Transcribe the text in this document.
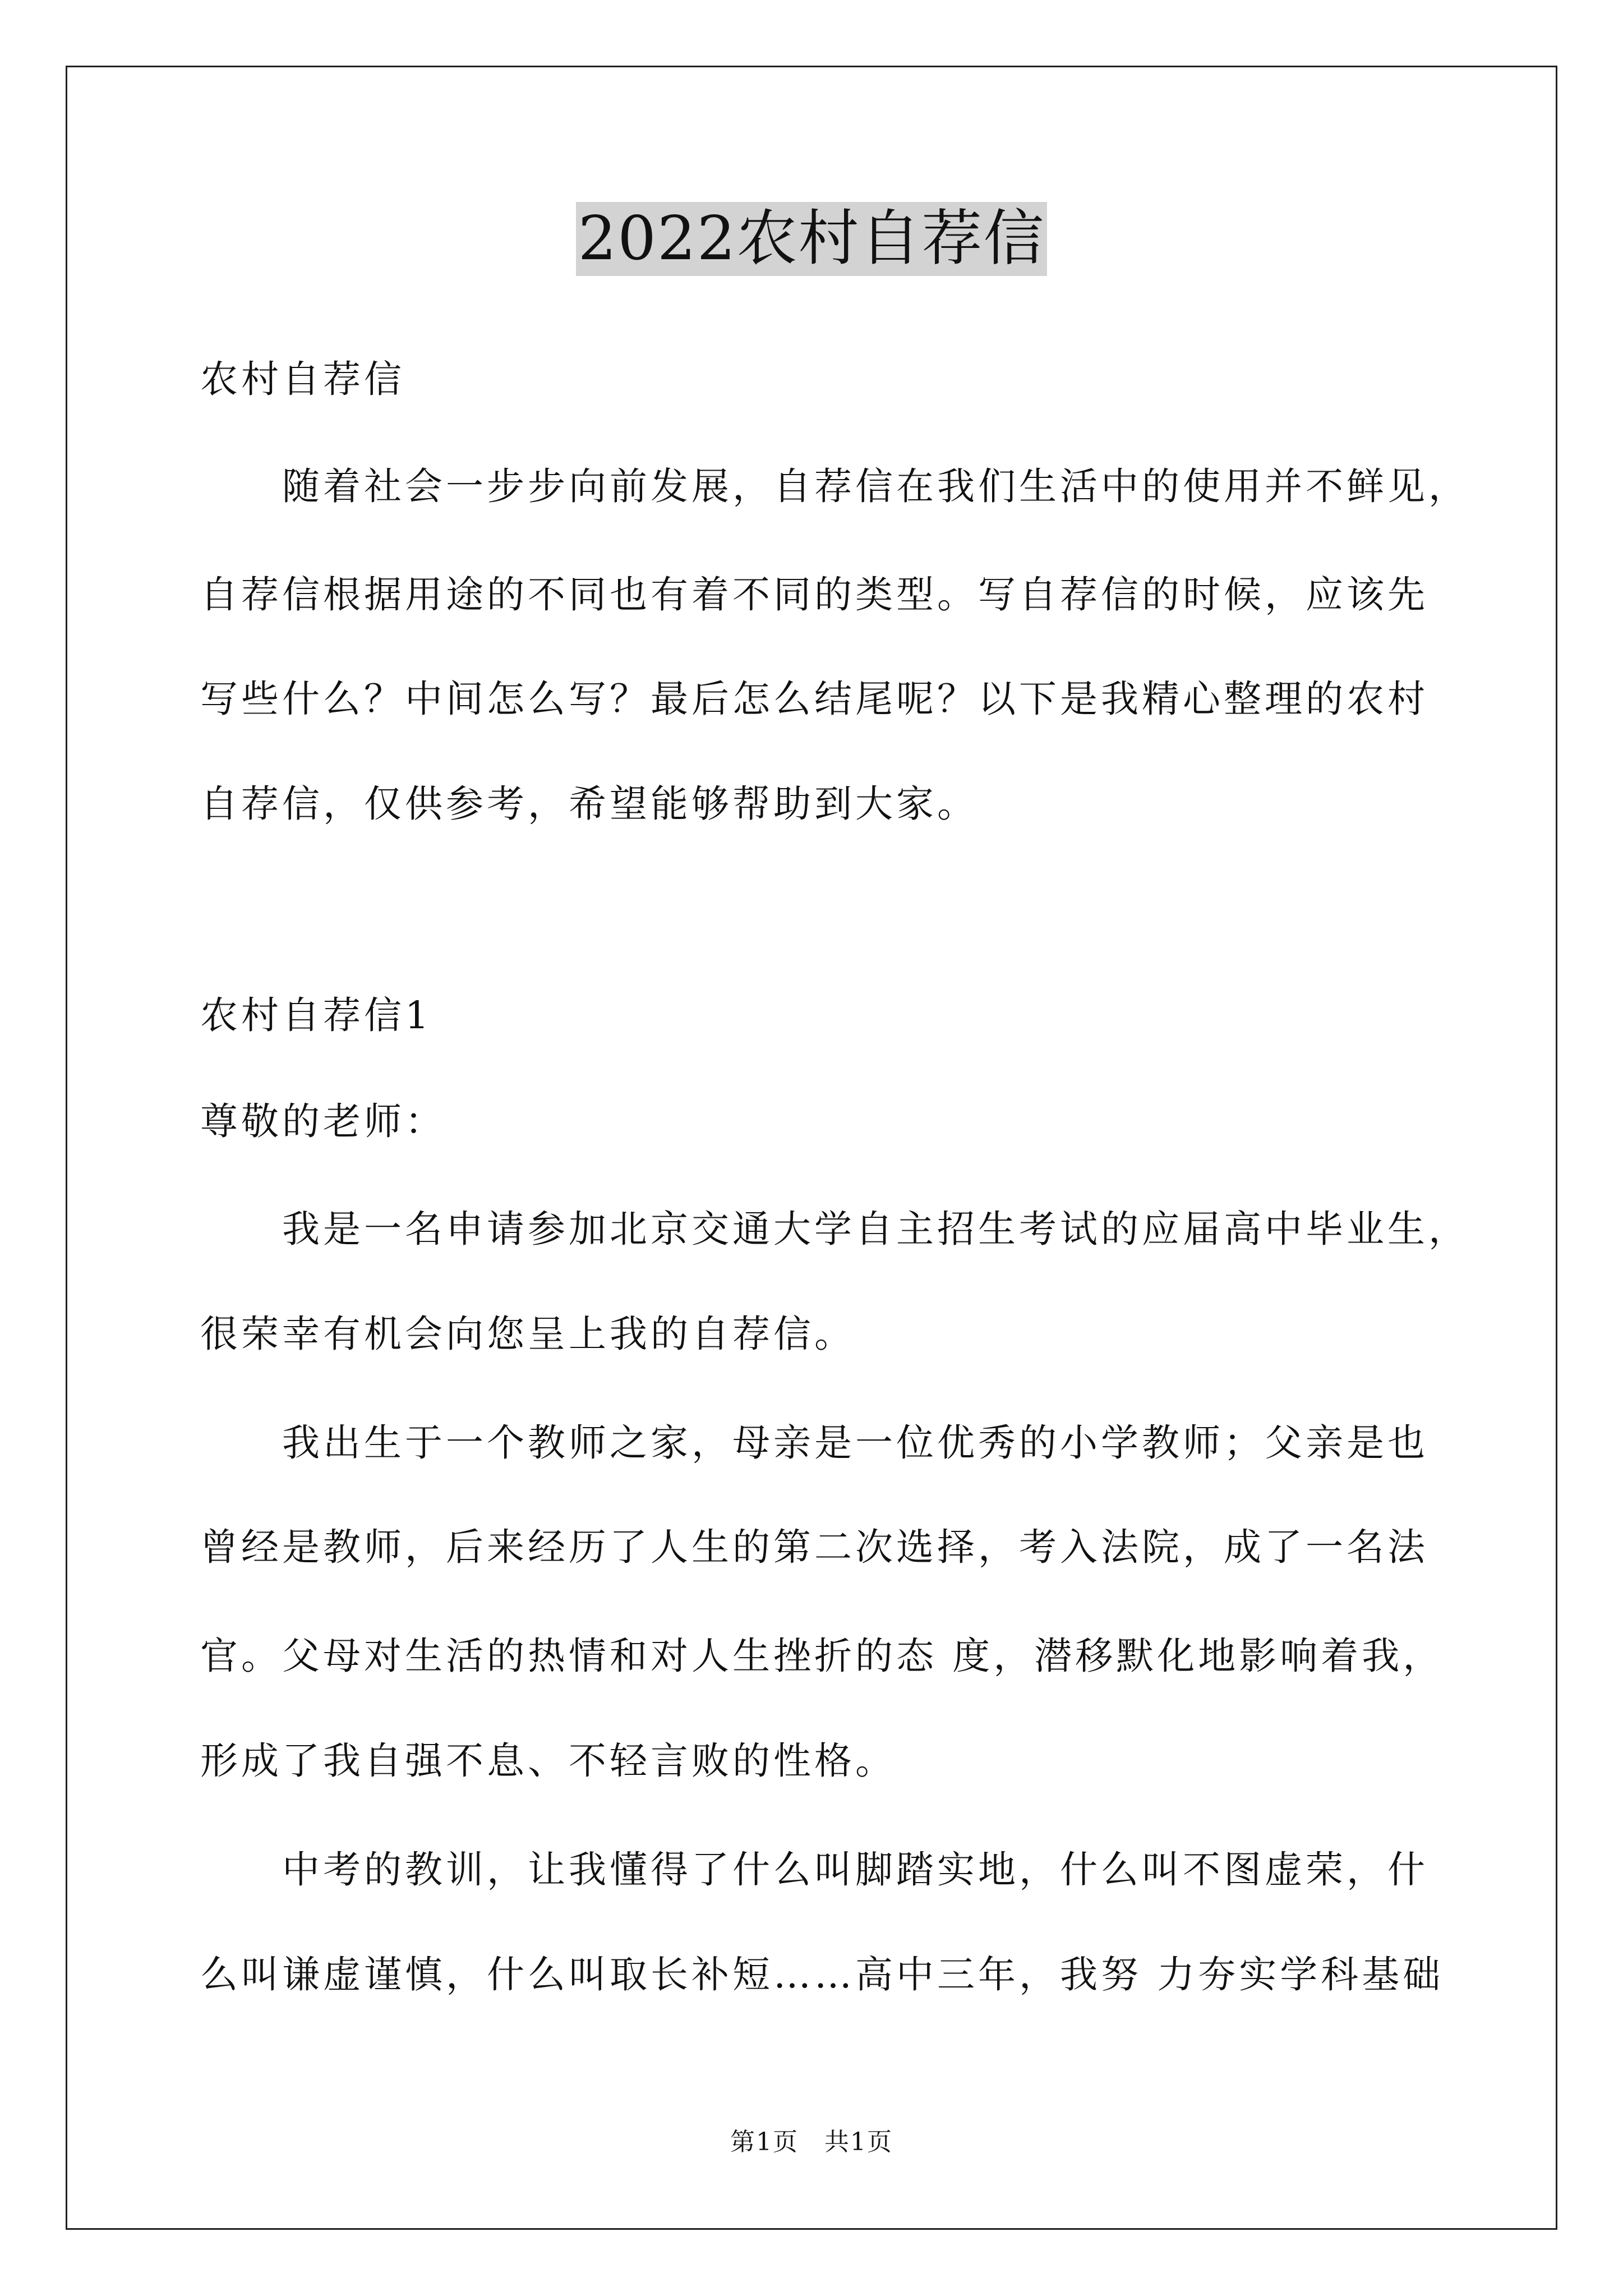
2022农村自荐信
农村自荐信
　　随着社会一步步向前发展，自荐信在我们生活中的使用并不鲜见，
自荐信根据用途的不同也有着不同的类型。写自荐信的时候，应该先
写些什么？中间怎么写？最后怎么结尾呢？以下是我精心整理的农村
自荐信，仅供参考，希望能够帮助到大家。
农村自荐信1
尊敬的老师：
　　我是一名申请参加北京交通大学自主招生考试的应届高中毕业生，
很荣幸有机会向您呈上我的自荐信。
　　我出生于一个教师之家，母亲是一位优秀的小学教师；父亲是也
曾经是教师，后来经历了人生的第二次选择，考入法院，成了一名法
官。父母对生活的热情和对人生挫折的态 度，潜移默化地影响着我，
形成了我自强不息、不轻言败的性格。
　　中考的教训，让我懂得了什么叫脚踏实地，什么叫不图虚荣，什
么叫谦虚谨慎，什么叫取长补短……高中三年，我努 力夯实学科基础
第1页　共1页
